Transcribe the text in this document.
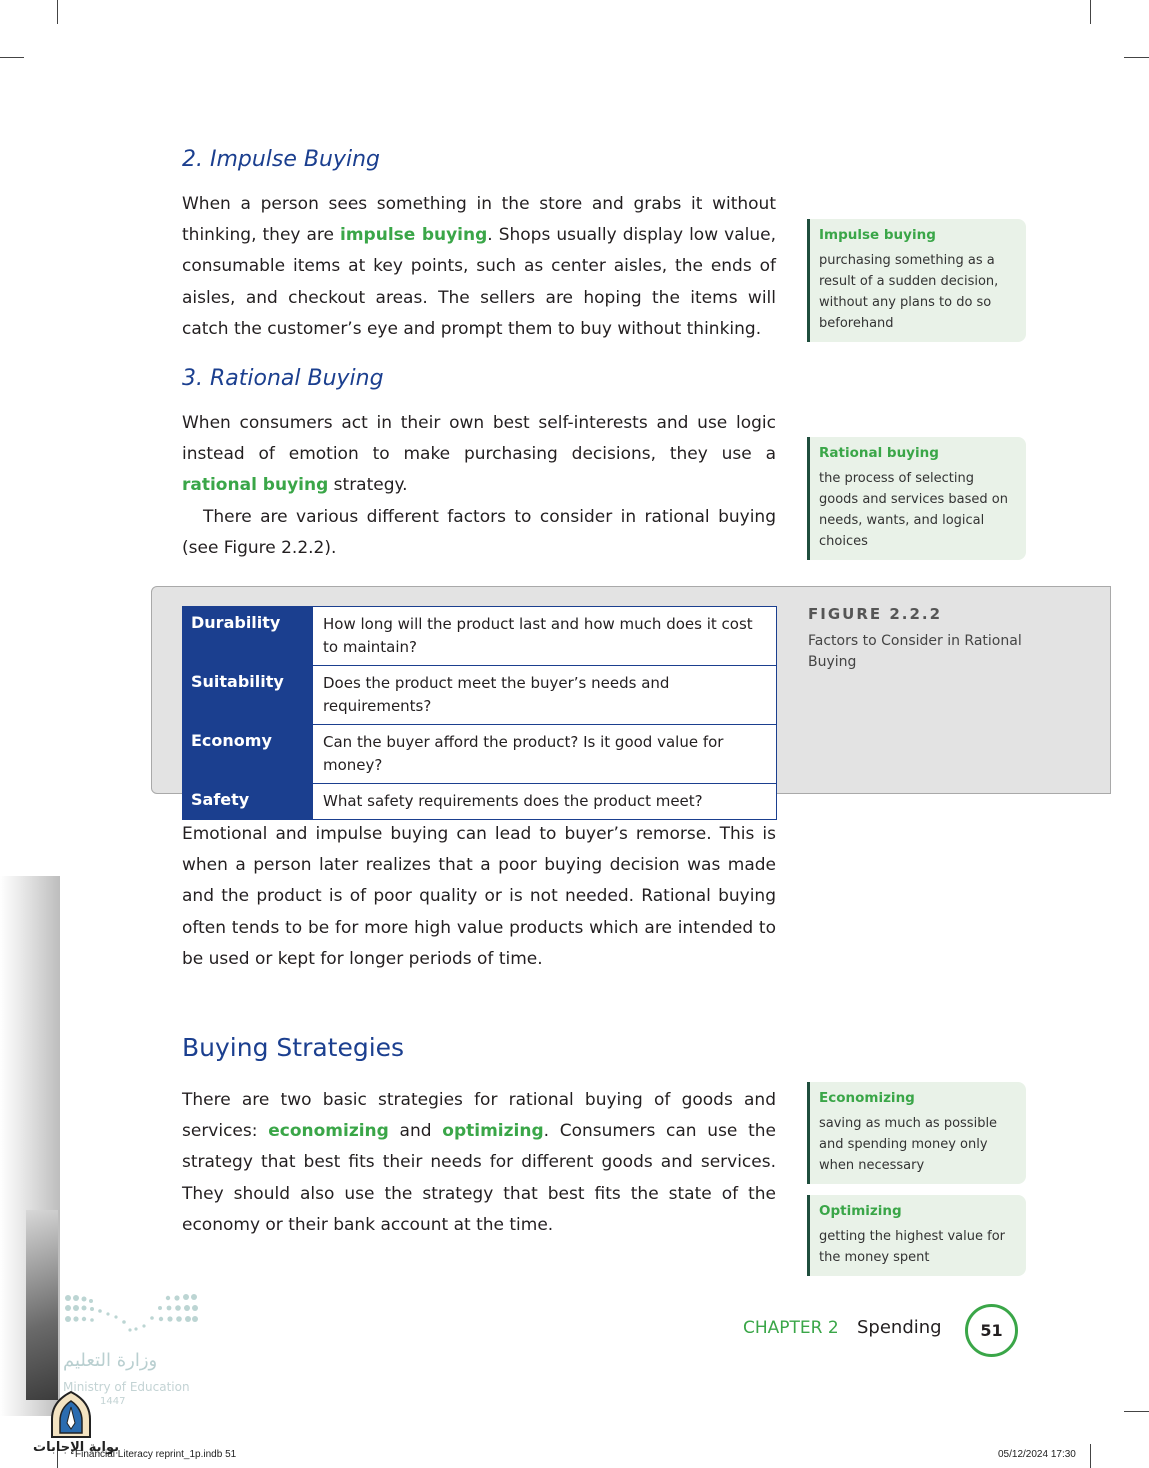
2. Impulse Buying

When a person sees something in the store and grabs it without thinking, they are impulse buying. Shops usually display low value, consumable items at key points, such as center aisles, the ends of aisles, and checkout areas. The sellers are hoping the items will catch the customer’s eye and prompt them to buy without thinking.

Impulse buying
purchasing something as a result of a sudden decision, without any plans to do so beforehand
3. Rational Buying

When consumers act in their own best self-interests and use logic instead of emotion to make purchasing decisions, they use a rational buying strategy.

There are various different factors to consider in rational buying (see Figure 2.2.2).

Rational buying
the process of selecting goods and services based on needs, wants, and logical choices
Durability	How long will the product last and how much does it cost to maintain?
Suitability	Does the product meet the buyer’s needs and requirements?
Economy	Can the buyer afford the product? Is it good value for money?
Safety	What safety requirements does the product meet?
FIGURE 2.2.2
Factors to Consider in Rational Buying

Emotional and impulse buying can lead to buyer’s remorse. This is when a person later realizes that a poor buying decision was made and the product is of poor quality or is not needed. Rational buying often tends to be for more high value products which are intended to be used or kept for longer periods of time.

Buying Strategies

There are two basic strategies for rational buying of goods and services: economizing and optimizing. Consumers can use the strategy that best fits their needs for different goods and services. They should also use the strategy that best fits the state of the economy or their bank account at the time.

Economizing
saving as much as possible and spending money only when necessary
Optimizing
getting the highest value for the money spent
CHAPTER 2 Spending	51
وزارة التعليم
Ministry of Education
1447
بوابة الإجابات
Financial Literacy reprint_1p.indb 51	05/12/2024 17:30
